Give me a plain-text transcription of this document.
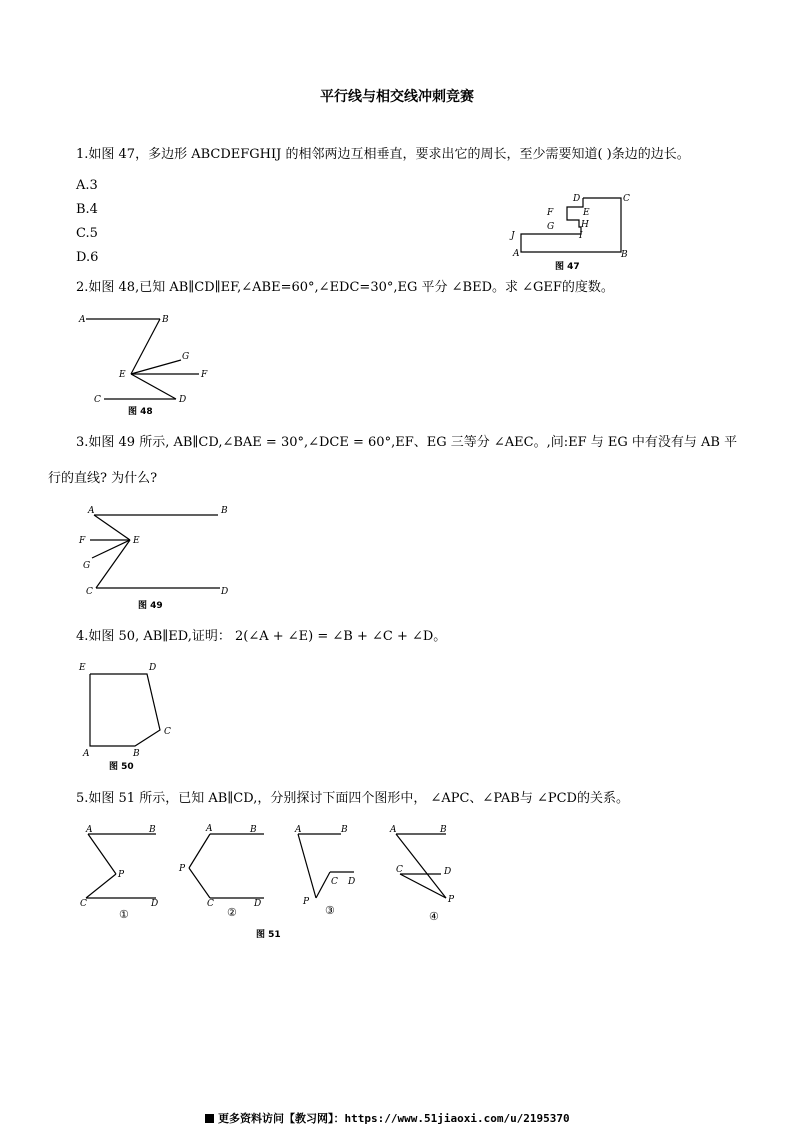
平行线与相交线冲刺竞赛
1.如图 47，多边形 ABCDEFGHIJ 的相邻两边互相垂直，要求出它的周长，至少需要知道( )条边的边长。
A.3
B.4
C.5
D.6
D	C
F	E
G	H
I
J
A	B
图 47
2.如图 48,已知 AB∥CD∥EF,∠ABE=60°,∠EDC=30°,EG 平分 ∠BED。求 ∠GEF的度数。
A	B
G
E	F
C	D
图 48
3.如图 49 所示, AB∥CD,∠BAE = 30°,∠DCE = 60°,EF、EG 三等分 ∠AEC。,问:EF 与 EG 中有没有与 AB 平
行的直线? 为什么?
A	B
F	E
G
C	D
图 49
4.如图 50, AB∥ED,证明： 2(∠A + ∠E) = ∠B + ∠C + ∠D。
E	D
C
A	B
图 50
5.如图 51 所示，已知 AB∥CD,，分别探讨下面四个图形中， ∠APC、∠PAB与 ∠PCD的关系。
A	B
P
C	D
①
A	B
P
C	D
②
A	B
C D
P
③
A	B
C	D
P
④
图 51
更多资料访问【教习网】：https://www.51jiaoxi.com/u/2195370
